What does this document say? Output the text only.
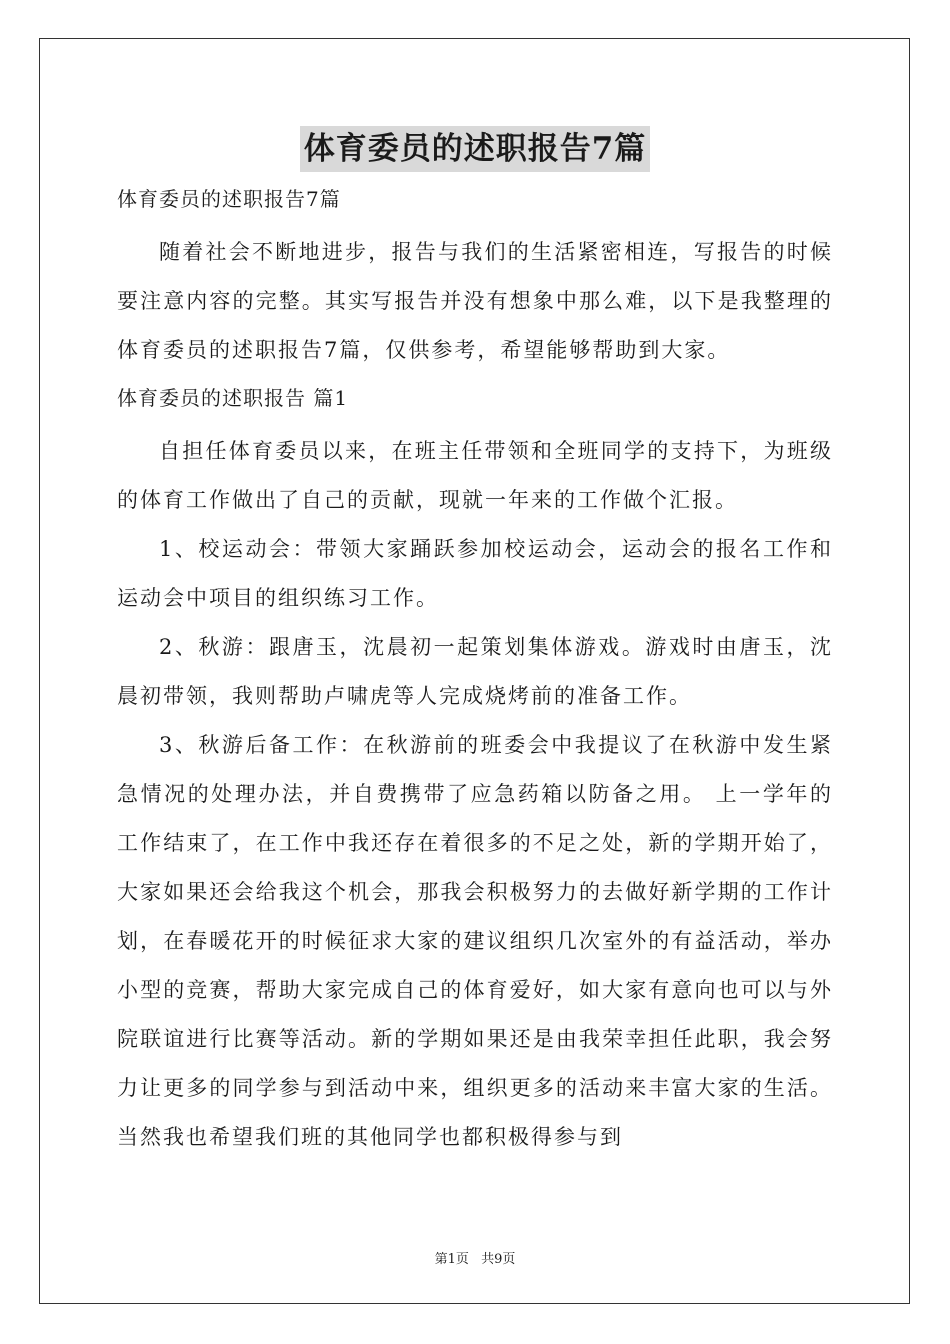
体育委员的述职报告7篇
体育委员的述职报告7篇

随着社会不断地进步，报告与我们的生活紧密相连，写报告的时候要注意内容的完整。其实写报告并没有想象中那么难，以下是我整理的体育委员的述职报告7篇，仅供参考，希望能够帮助到大家。

体育委员的述职报告 篇1

自担任体育委员以来，在班主任带领和全班同学的支持下，为班级的体育工作做出了自己的贡献，现就一年来的工作做个汇报。

1、校运动会：带领大家踊跃参加校运动会，运动会的报名工作和运动会中项目的组织练习工作。

2、秋游：跟唐玉，沈晨初一起策划集体游戏。游戏时由唐玉，沈晨初带领，我则帮助卢啸虎等人完成烧烤前的准备工作。

3、秋游后备工作：在秋游前的班委会中我提议了在秋游中发生紧急情况的处理办法，并自费携带了应急药箱以防备之用。 上一学年的工作结束了，在工作中我还存在着很多的不足之处，新的学期开始了，大家如果还会给我这个机会，那我会积极努力的去做好新学期的工作计划，在春暖花开的时候征求大家的建议组织几次室外的有益活动，举办小型的竞赛，帮助大家完成自己的体育爱好，如大家有意向也可以与外院联谊进行比赛等活动。新的学期如果还是由我荣幸担任此职，我会努力让更多的同学参与到活动中来，组织更多的活动来丰富大家的生活。当然我也希望我们班的其他同学也都积极得参与到

第1页 共9页
